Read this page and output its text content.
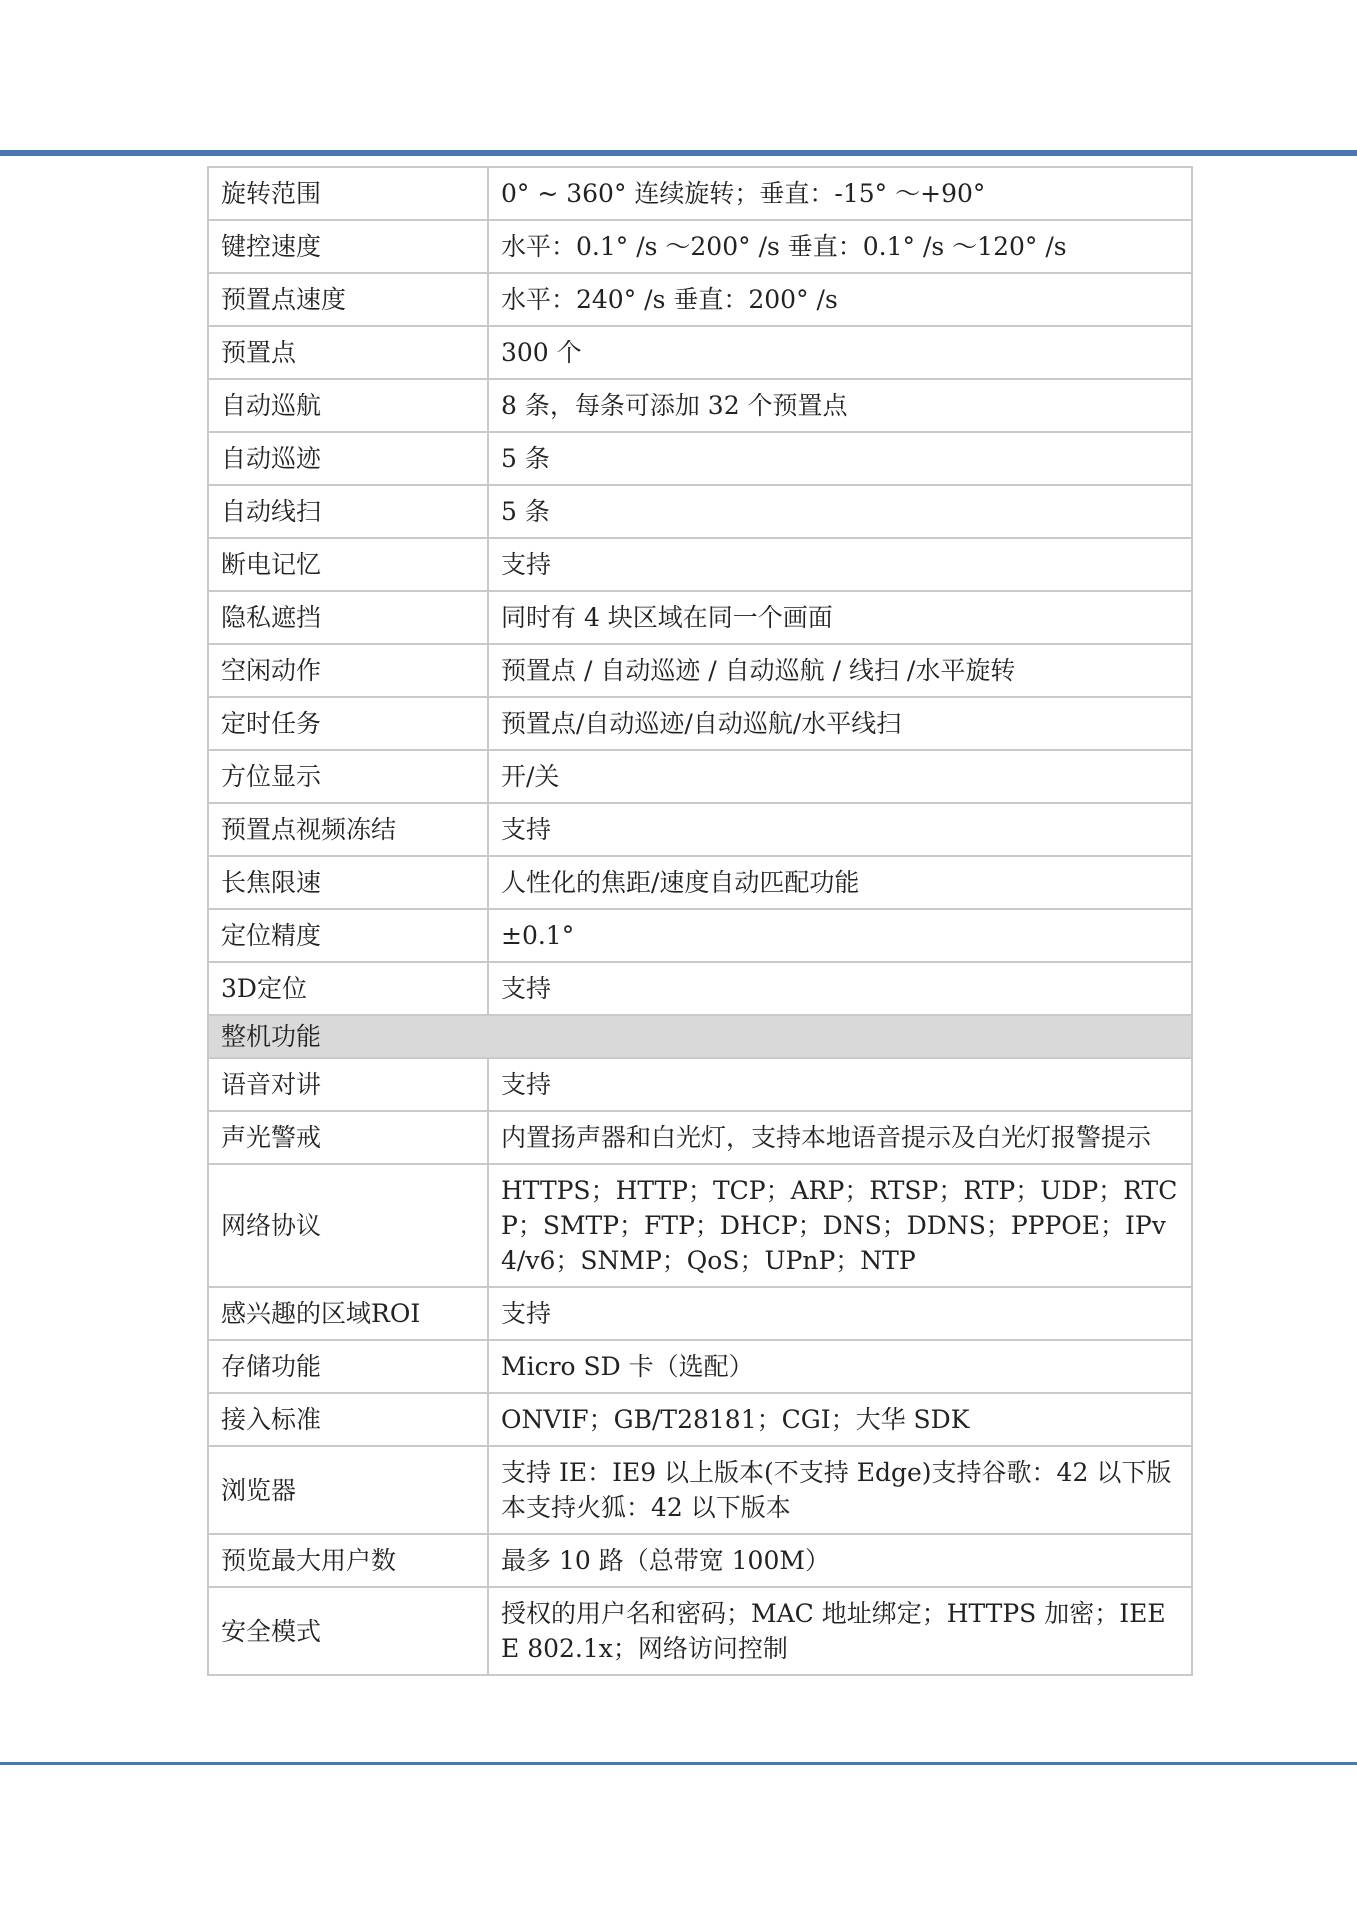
旋转范围	0° ~ 360° 连续旋转；垂直：-15° ～+90°
键控速度	水平：0.1° /s ～200° /s 垂直：0.1° /s ～120° /s
预置点速度	水平：240° /s 垂直：200° /s
预置点	300 个
自动巡航	8 条，每条可添加 32 个预置点
自动巡迹	5 条
自动线扫	5 条
断电记忆	支持
隐私遮挡	同时有 4 块区域在同一个画面
空闲动作	预置点 / 自动巡迹 / 自动巡航 / 线扫 /水平旋转
定时任务	预置点/自动巡迹/自动巡航/水平线扫
方位显示	开/关
预置点视频冻结	支持
长焦限速	人性化的焦距/速度自动匹配功能
定位精度	±0.1°
3D定位	支持
整机功能	
语音对讲	支持
声光警戒	内置扬声器和白光灯，支持本地语音提示及白光灯报警提示
网络协议	HTTPS；HTTP；TCP；ARP；RTSP；RTP；UDP；RTCP；SMTP；FTP；DHCP；DNS；DDNS；PPPOE；IPv4/v6；SNMP；QoS；UPnP；NTP
感兴趣的区域ROI	支持
存储功能	Micro SD 卡（选配）
接入标准	ONVIF；GB/T28181；CGI；大华 SDK
浏览器	支持 IE：IE9 以上版本(不支持 Edge)支持谷歌：42 以下版本支持火狐：42 以下版本
预览最大用户数	最多 10 路（总带宽 100M）
安全模式	授权的用户名和密码；MAC 地址绑定；HTTPS 加密；IEEE 802.1x；网络访问控制
